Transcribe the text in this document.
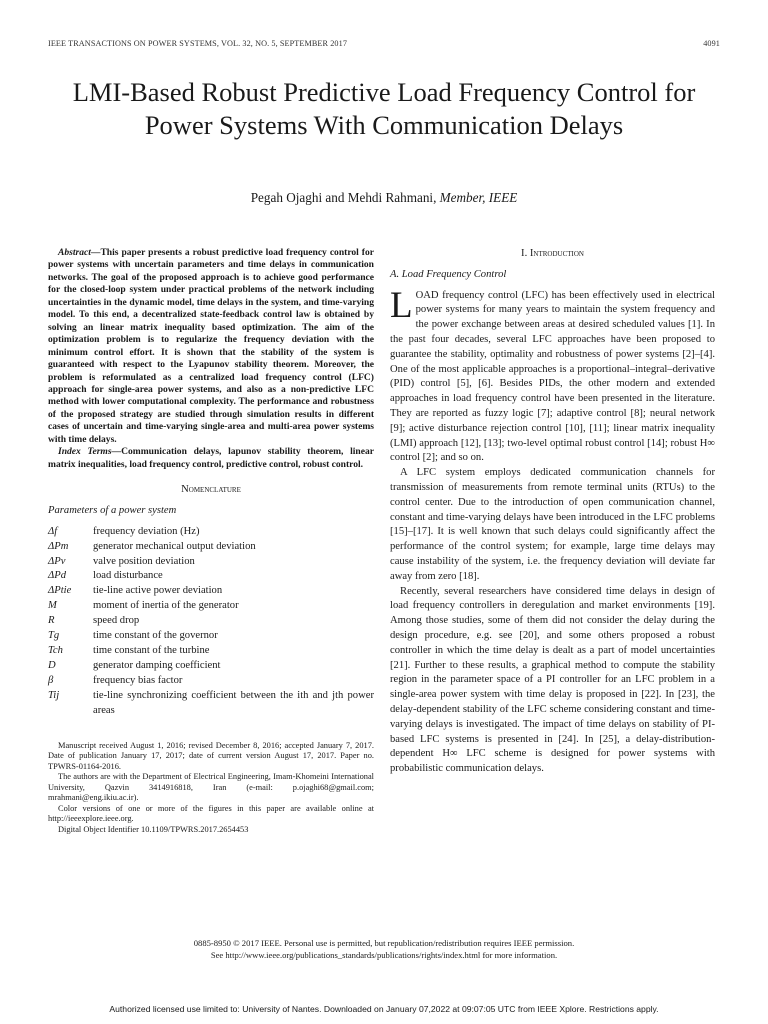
IEEE TRANSACTIONS ON POWER SYSTEMS, VOL. 32, NO. 5, SEPTEMBER 2017	4091
LMI-Based Robust Predictive Load Frequency Control for Power Systems With Communication Delays
Pegah Ojaghi and Mehdi Rahmani, Member, IEEE

Abstract—This paper presents a robust predictive load frequency control for power systems with uncertain parameters and time delays in communication networks. The goal of the proposed approach is to achieve good performance for the closed-loop system under practical problems of the network including uncertainties in the dynamic model, time delays in the system, and time-varying model. To this end, a decentralized state-feedback control law is obtained by solving an linear matrix inequality based optimization. The aim of the optimization problem is to regularize the frequency deviation with the minimum control effort. It is shown that the stability of the system is guaranteed with respect to the Lyapunov stability theorem. Moreover, the problem is reformulated as a centralized load frequency control (LFC) approach for single-area power systems, and also as a non-predictive LFC method with lower computational complexity. The performance and robustness of the proposed strategy are studied through simulation results in different cases of uncertain and time-varying single-area and multi-area power systems with time delays.

Index Terms—Communication delays, lapunov stability theorem, linear matrix inequalities, load frequency control, predictive control, robust control.

Nomenclature
Parameters of a power system
Δf	frequency deviation (Hz)
ΔPm	generator mechanical output deviation
ΔPv	valve position deviation
ΔPd	load disturbance
ΔPtie	tie-line active power deviation
M	moment of inertia of the generator
R	speed drop
Tg	time constant of the governor
Tch	time constant of the turbine
D	generator damping coefficient
β	frequency bias factor
Tij	tie-line synchronizing coefficient between the ith and jth power areas

Manuscript received August 1, 2016; revised December 8, 2016; accepted January 7, 2017. Date of publication January 17, 2017; date of current version August 17, 2017. Paper no. TPWRS-01164-2016.

The authors are with the Department of Electrical Engineering, Imam-Khomeini International University, Qazvin 3414916818, Iran (e-mail: p.ojaghi68@gmail.com; mrahmani@eng.ikiu.ac.ir).

Color versions of one or more of the figures in this paper are available online at http://ieeexplore.ieee.org.

Digital Object Identifier 10.1109/TPWRS.2017.2654453

I. Introduction
A. Load Frequency Control

LOAD frequency control (LFC) has been effectively used in electrical power systems for many years to maintain the system frequency and the power exchange between areas at desired scheduled values [1]. In the past four decades, several LFC approaches have been proposed to guarantee the stability, optimality and robustness of power systems [2]–[4]. One of the most applicable approaches is a proportional–integral–derivative (PID) control [5], [6]. Besides PIDs, the other modern and extended approaches in load frequency control have been presented in the literature. They are reported as fuzzy logic [7]; adaptive control [8]; neural network [9]; active disturbance rejection control [10], [11]; linear matrix inequality (LMI) approach [12], [13]; two-level optimal robust control [14]; robust H∞ control [2]; and so on.

A LFC system employs dedicated communication channels for transmission of measurements from remote terminal units (RTUs) to the control center. Due to the introduction of open communication channel, constant and time-varying delays have been introduced in the LFC problems [15]–[17]. It is well known that such delays could significantly affect the performance of the control system; for example, large time delays may cause instability of the system, i.e. the frequency deviation will deviate far away from zero [18].

Recently, several researchers have considered time delays in design of load frequency controllers in deregulation and market environments [19]. Among those studies, some of them did not consider the delay during the design procedure, e.g. see [20], and some others proposed a robust controller in which the time delay is dealt as a part of model uncertainties [21]. Further to these results, a graphical method to compute the stability region in the parameter space of a PI controller for an LFC problem in a single-area power system with time delay is proposed in [22]. In [23], the delay-dependent stability of the LFC scheme considering constant and time-varying delays is investigated. The impact of time delays on stability of PI-based LFC systems is presented in [24]. In [25], a delay-distribution-dependent H∞ LFC scheme is designed for power systems with probabilistic communication delays.

0885-8950 © 2017 IEEE. Personal use is permitted, but republication/redistribution requires IEEE permission.
See http://www.ieee.org/publications_standards/publications/rights/index.html for more information.
Authorized licensed use limited to: University of Nantes. Downloaded on January 07,2022 at 09:07:05 UTC from IEEE Xplore. Restrictions apply.
